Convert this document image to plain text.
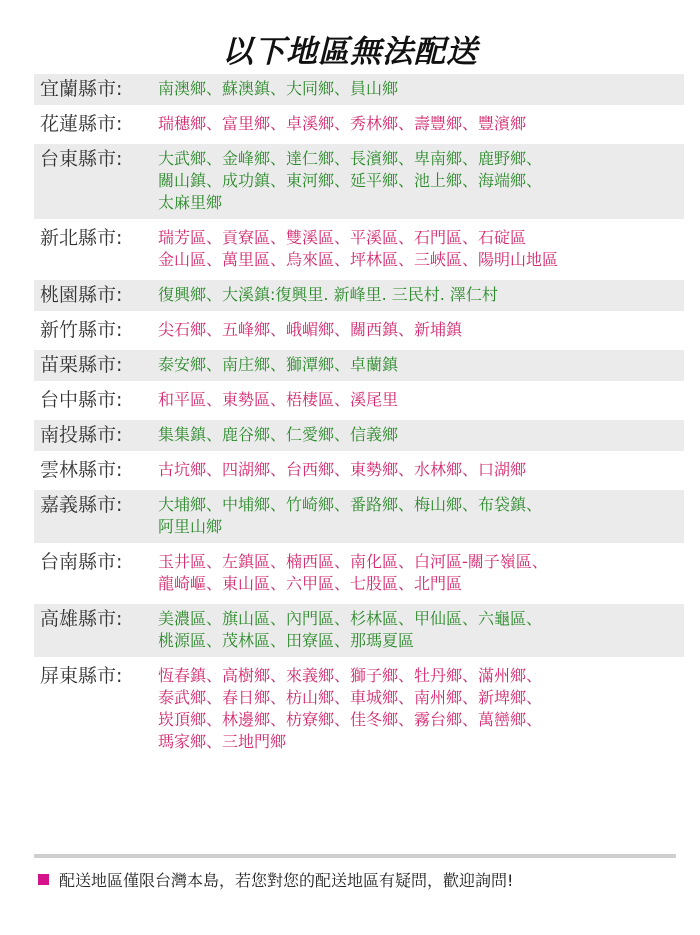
以下地區無法配送
宜蘭縣市:	南澳鄉、蘇澳鎮、大同鄉、員山鄉
花蓮縣市:	瑞穗鄉、富里鄉、卓溪鄉、秀林鄉、壽豐鄉、豐濱鄉
台東縣市:	大武鄉、金峰鄉、達仁鄉、長濱鄉、卑南鄉、鹿野鄉、
關山鎮、成功鎮、東河鄉、延平鄉、池上鄉、海端鄉、
太麻里鄉
新北縣市:	瑞芳區、貢寮區、雙溪區、平溪區、石門區、石碇區
金山區、萬里區、烏來區、坪林區、三峽區、陽明山地區
桃園縣市:	復興鄉、大溪鎮:復興里. 新峰里. 三民村. 澤仁村
新竹縣市:	尖石鄉、五峰鄉、峨嵋鄉、關西鎮、新埔鎮
苗栗縣市:	泰安鄉、南庄鄉、獅潭鄉、卓蘭鎮
台中縣市:	和平區、東勢區、梧棲區、溪尾里
南投縣市:	集集鎮、鹿谷鄉、仁愛鄉、信義鄉
雲林縣市:	古坑鄉、四湖鄉、台西鄉、東勢鄉、水林鄉、口湖鄉
嘉義縣市:	大埔鄉、中埔鄉、竹崎鄉、番路鄉、梅山鄉、布袋鎮、
阿里山鄉
台南縣市:	玉井區、左鎮區、楠西區、南化區、白河區-關子嶺區、
龍崎嶇、東山區、六甲區、七股區、北門區
高雄縣市:	美濃區、旗山區、內門區、杉林區、甲仙區、六龜區、
桃源區、茂林區、田寮區、那瑪夏區
屏東縣市:	恆春鎮、高樹鄉、來義鄉、獅子鄉、牡丹鄉、滿州鄉、
泰武鄉、春日鄉、枋山鄉、車城鄉、南州鄉、新埤鄉、
崁頂鄉、林邊鄉、枋寮鄉、佳冬鄉、霧台鄉、萬巒鄉、
瑪家鄉、三地門鄉
配送地區僅限台灣本島，若您對您的配送地區有疑問，歡迎詢問!
